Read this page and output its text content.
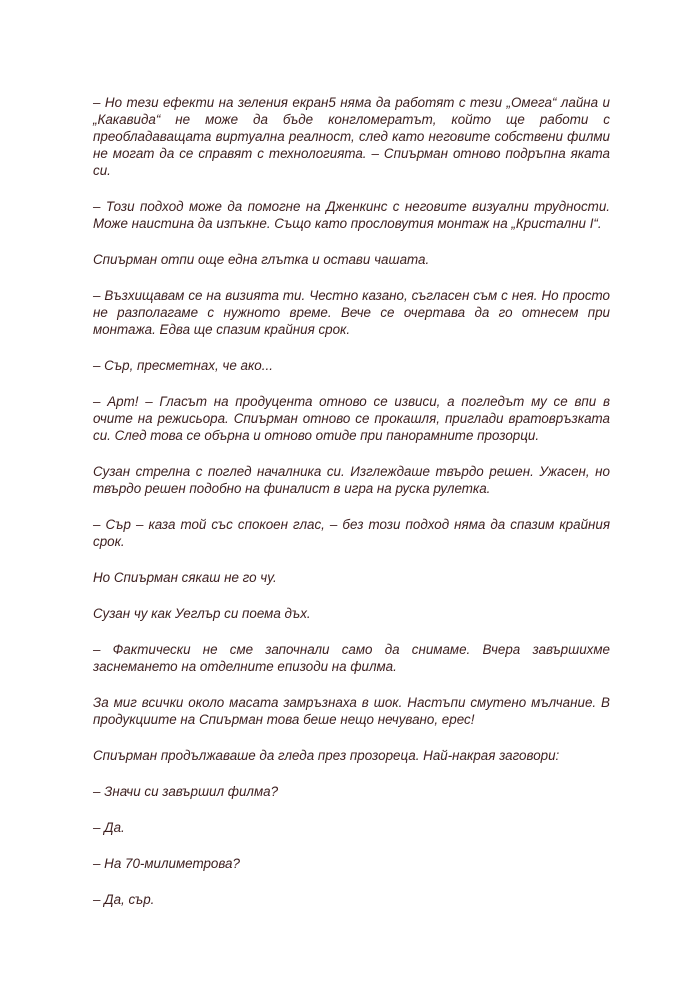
– Но тези ефекти на зеления екран5 няма да работят с тези „Омега“ лайна и „Какавида“ не може да бъде конгломератът, който ще работи с преобладаващата виртуална реалност, след като неговите собствени филми не могат да се справят с технологията. – Спиърман отново подръпна яката си.

– Този подход може да помогне на Дженкинс с неговите визуални трудности. Може наистина да изпъкне. Също като прословутия монтаж на „Кристални I“.

Спиърман отпи още една глътка и остави чашата.

– Възхищавам се на визията ти. Честно казано, съгласен съм с нея. Но просто не разполагаме с нужното време. Вече се очертава да го отнесем при монтажа. Едва ще спазим крайния срок.

– Сър, пресметнах, че ако...

– Арт! – Гласът на продуцента отново се извиси, а погледът му се впи в очите на режисьора. Спиърман отново се прокашля, приглади вратовръзката си. След това се обърна и отново отиде при панорамните прозорци.

Сузан стрелна с поглед началника си. Изглеждаше твърдо решен. Ужасен, но твърдо решен подобно на финалист в игра на руска рулетка.

– Сър – каза той със спокоен глас, – без този подход няма да спазим крайния срок.

Но Спиърман сякаш не го чу.

Сузан чу как Уеглър си поема дъх.

– Фактически не сме започнали само да снимаме. Вчера завършихме заснемането на отделните епизоди на филма.

За миг всички около масата замръзнаха в шок. Настъпи смутено мълчание. В продукциите на Спиърман това беше нещо нечувано, ерес!

Спиърман продължаваше да гледа през прозореца. Най-накрая заговори:

– Значи си завършил филма?

– Да.

– На 70-милиметрова?

– Да, сър.
